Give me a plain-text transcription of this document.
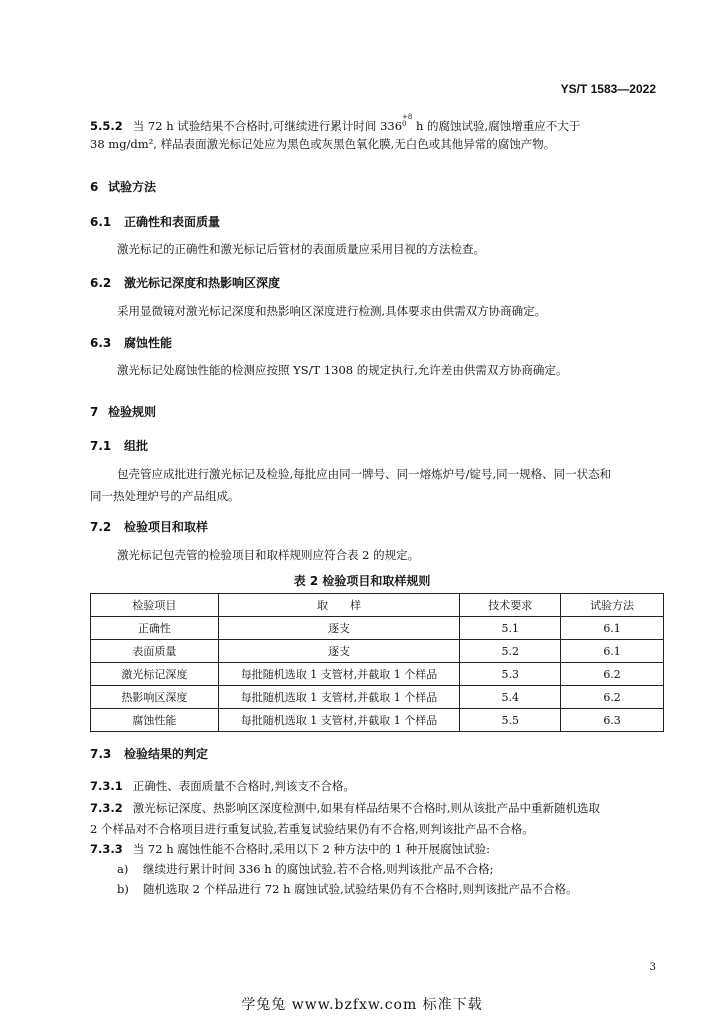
YS/T 1583—2022
5.5.2 当 72 h 试验结果不合格时,可继续进行累计时间 $336^{+8 0}$ h 的腐蚀试验,腐蚀增重应不大于
38 mg/dm², 样品表面激光标记处应为黑色或灰黑色氧化膜,无白色或其他异常的腐蚀产物。
6 试验方法
6.1 正确性和表面质量
激光标记的正确性和激光标记后管材的表面质量应采用目视的方法检查。
6.2 激光标记深度和热影响区深度
采用显微镜对激光标记深度和热影响区深度进行检测,具体要求由供需双方协商确定。
6.3 腐蚀性能
激光标记处腐蚀性能的检测应按照 YS/T 1308 的规定执行,允许差由供需双方协商确定。
7 检验规则
7.1 组批
包壳管应成批进行激光标记及检验,每批应由同一牌号、同一熔炼炉号/锭号,同一规格、同一状态和
同一热处理炉号的产品组成。
7.2 检验项目和取样
激光标记包壳管的检验项目和取样规则应符合表 2 的规定。
表 2 检验项目和取样规则
检验项目	取　　样	技术要求	试验方法
正确性	逐支	5.1	6.1
表面质量	逐支	5.2	6.1
激光标记深度	每批随机选取 1 支管材,并截取 1 个样品	5.3	6.2
热影响区深度	每批随机选取 1 支管材,并截取 1 个样品	5.4	6.2
腐蚀性能	每批随机选取 1 支管材,并截取 1 个样品	5.5	6.3
7.3 检验结果的判定
7.3.1 正确性、表面质量不合格时,判该支不合格。
7.3.2 激光标记深度、热影响区深度检测中,如果有样品结果不合格时,则从该批产品中重新随机选取
2 个样品对不合格项目进行重复试验,若重复试验结果仍有不合格,则判该批产品不合格。
7.3.3 当 72 h 腐蚀性能不合格时,采用以下 2 种方法中的 1 种开展腐蚀试验:
a) 继续进行累计时间 336 h 的腐蚀试验,若不合格,则判该批产品不合格;
b) 随机选取 2 个样品进行 72 h 腐蚀试验,试验结果仍有不合格时,则判该批产品不合格。
3
学兔兔 www.bzfxw.com 标准下载
